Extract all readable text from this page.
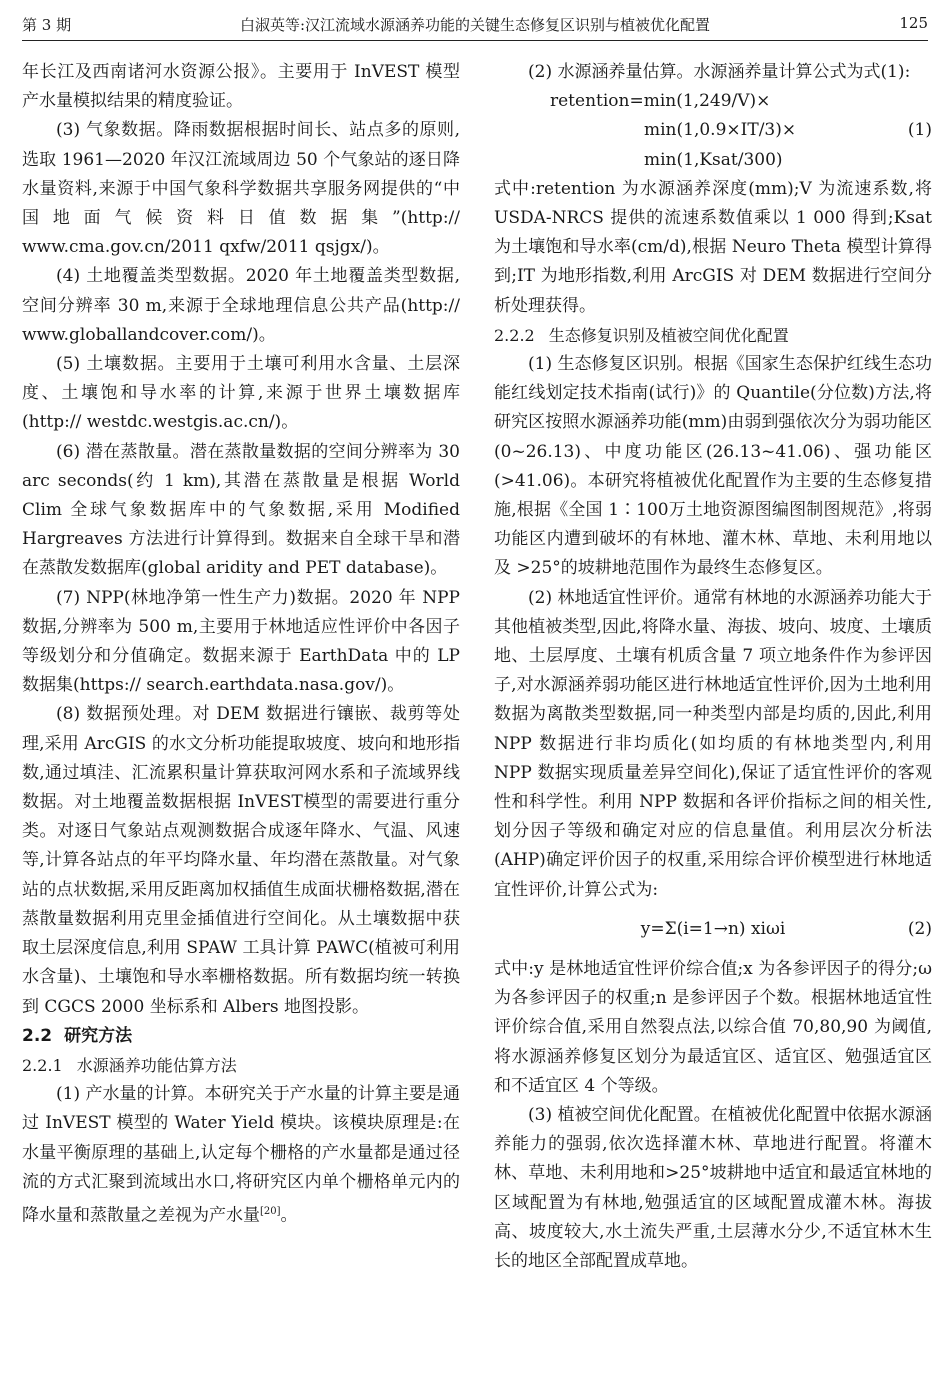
第 3 期	白淑英等:汉江流域水源涵养功能的关键生态修复区识别与植被优化配置	125

年长江及西南诸河水资源公报》。主要用于 InVEST 模型产水量模拟结果的精度验证。

(3) 气象数据。降雨数据根据时间长、站点多的原则,选取 1961—2020 年汉江流域周边 50 个气象站的逐日降水量资料,来源于中国气象科学数据共享服务网提供的“中国地面气候资料日值数据集”(http:// www.cma.gov.cn/2011 qxfw/2011 qsjgx/)。

(4) 土地覆盖类型数据。2020 年土地覆盖类型数据,空间分辨率 30 m,来源于全球地理信息公共产品(http:// www.globallandcover.com/)。

(5) 土壤数据。主要用于土壤可利用水含量、土层深度、土壤饱和导水率的计算,来源于世界土壤数据库(http:// westdc.westgis.ac.cn/)。

(6) 潜在蒸散量。潜在蒸散量数据的空间分辨率为 30 arc seconds(约 1 km),其潜在蒸散量是根据 World Clim 全球气象数据库中的气象数据,采用 Modified Hargreaves 方法进行计算得到。数据来自全球干旱和潜在蒸散发数据库(global aridity and PET database)。

(7) NPP(林地净第一性生产力)数据。2020 年 NPP 数据,分辨率为 500 m,主要用于林地适应性评价中各因子等级划分和分值确定。数据来源于 EarthData 中的 LP 数据集(https:// search.earthdata.nasa.gov/)。

(8) 数据预处理。对 DEM 数据进行镶嵌、裁剪等处理,采用 ArcGIS 的水文分析功能提取坡度、坡向和地形指数,通过填洼、汇流累积量计算获取河网水系和子流域界线数据。对土地覆盖数据根据 InVEST模型的需要进行重分类。对逐日气象站点观测数据合成逐年降水、气温、风速等,计算各站点的年平均降水量、年均潜在蒸散量。对气象站的点状数据,采用反距离加权插值生成面状栅格数据,潜在蒸散量数据利用克里金插值进行空间化。从土壤数据中获取土层深度信息,利用 SPAW 工具计算 PAWC(植被可利用水含量)、土壤饱和导水率栅格数据。所有数据均统一转换到 CGCS 2000 坐标系和 Albers 地图投影。

2.2 研究方法
2.2.1 水源涵养功能估算方法

(1) 产水量的计算。本研究关于产水量的计算主要是通过 InVEST 模型的 Water Yield 模块。该模块原理是:在水量平衡原理的基础上,认定每个栅格的产水量都是通过径流的方式汇聚到流域出水口,将研究区内单个栅格单元内的降水量和蒸散量之差视为产水量[20]。

(2) 水源涵养量估算。水源涵养量计算公式为式(1):

retention=min(1,249/V)×
min(1,0.9×IT/3)×
min(1,Ksat/300)
(1)

式中:retention 为水源涵养深度(mm);V 为流速系数,将 USDA-NRCS 提供的流速系数值乘以 1 000 得到;Ksat 为土壤饱和导水率(cm/d),根据 Neuro Theta 模型计算得到;IT 为地形指数,利用 ArcGIS 对 DEM 数据进行空间分析处理获得。

2.2.2 生态修复识别及植被空间优化配置

(1) 生态修复区识别。根据《国家生态保护红线生态功能红线划定技术指南(试行)》的 Quantile(分位数)方法,将研究区按照水源涵养功能(mm)由弱到强依次分为弱功能区(0~26.13)、中度功能区(26.13~41.06)、强功能区(>41.06)。本研究将植被优化配置作为主要的生态修复措施,根据《全国 1∶100万土地资源图编图制图规范》,将弱功能区内遭到破坏的有林地、灌木林、草地、未利用地以及 >25°的坡耕地范围作为最终生态修复区。

(2) 林地适宜性评价。通常有林地的水源涵养功能大于其他植被类型,因此,将降水量、海拔、坡向、坡度、土壤质地、土层厚度、土壤有机质含量 7 项立地条件作为参评因子,对水源涵养弱功能区进行林地适宜性评价,因为土地利用数据为离散类型数据,同一种类型内部是均质的,因此,利用 NPP 数据进行非均质化(如均质的有林地类型内,利用 NPP 数据实现质量差异空间化),保证了适宜性评价的客观性和科学性。利用 NPP 数据和各评价指标之间的相关性,划分因子等级和确定对应的信息量值。利用层次分析法(AHP)确定评价因子的权重,采用综合评价模型进行林地适宜性评价,计算公式为:

y=Σ(i=1→n) xiωi	(2)

式中:y 是林地适宜性评价综合值;x 为各参评因子的得分;ω 为各参评因子的权重;n 是参评因子个数。根据林地适宜性评价综合值,采用自然裂点法,以综合值 70,80,90 为阈值,将水源涵养修复区划分为最适宜区、适宜区、勉强适宜区和不适宜区 4 个等级。

(3) 植被空间优化配置。在植被优化配置中依据水源涵养能力的强弱,依次选择灌木林、草地进行配置。将灌木林、草地、未利用地和>25°坡耕地中适宜和最适宜林地的区域配置为有林地,勉强适宜的区域配置成灌木林。海拔高、坡度较大,水土流失严重,土层薄水分少,不适宜林木生长的地区全部配置成草地。
